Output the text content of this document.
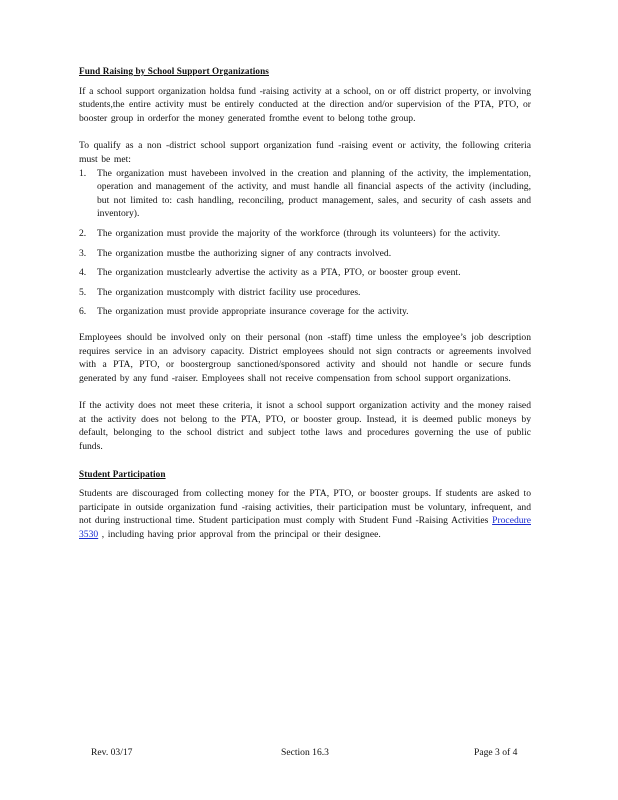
Fund Raising by School Support Organizations

If a school support organization holdsa fund -raising activity at a school, on or off district property, or involving students,the entire activity must be entirely conducted at the direction and/or supervision of the PTA, PTO, or booster group in orderfor the money generated fromthe event to belong tothe group.

To qualify as a non -district school support organization fund -raising event or activity, the following criteria must be met:

1. The organization must havebeen involved in the creation and planning of the activity, the implementation, operation and management of the activity, and must handle all financial aspects of the activity (including, but not limited to: cash handling, reconciling, product management, sales, and security of cash assets and inventory).
2. The organization must provide the majority of the workforce (through its volunteers) for the activity.
3. The organization mustbe the authorizing signer of any contracts involved.
4. The organization mustclearly advertise the activity as a PTA, PTO, or booster group event.
5. The organization mustcomply with district facility use procedures.
6. The organization must provide appropriate insurance coverage for the activity.

Employees should be involved only on their personal (non -staff) time unless the employee’s job description requires service in an advisory capacity. District employees should not sign contracts or agreements involved with a PTA, PTO, or boostergroup sanctioned/sponsored activity and should not handle or secure funds generated by any fund -raiser. Employees shall not receive compensation from school support organizations.

If the activity does not meet these criteria, it isnot a school support organization activity and the money raised at the activity does not belong to the PTA, PTO, or booster group. Instead, it is deemed public moneys by default, belonging to the school district and subject tothe laws and procedures governing the use of public funds.

Student Participation

Students are discouraged from collecting money for the PTA, PTO, or booster groups. If students are asked to participate in outside organization fund -raising activities, their participation must be voluntary, infrequent, and not during instructional time. Student participation must comply with Student Fund -Raising Activities Procedure 3530 , including having prior approval from the principal or their designee.

Rev. 03/17	Section 16.3	Page 3 of 4
